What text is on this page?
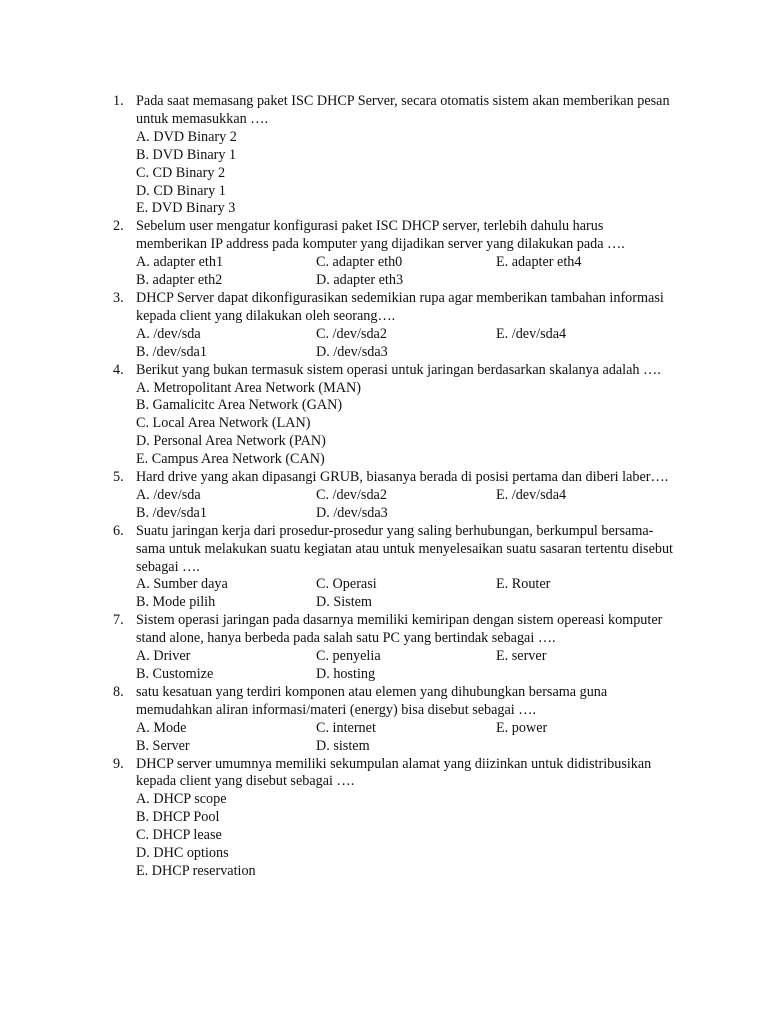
1. Pada saat memasang paket ISC DHCP Server, secara otomatis sistem akan memberikan pesan untuk memasukkan ….

A. DVD Binary 2
B. DVD Binary 1
C. CD Binary 2
D. CD Binary 1
E. DVD Binary 3
2. Sebelum user mengatur konfigurasi paket ISC DHCP server, terlebih dahulu harus memberikan IP address pada komputer yang dijadikan server yang dilakukan pada ….

A. adapter eth1	C. adapter eth0	E. adapter eth4
B. adapter eth2	D. adapter eth3
3. DHCP Server dapat dikonfigurasikan sedemikian rupa agar memberikan tambahan informasi kepada client yang dilakukan oleh seorang….

A. /dev/sda	C. /dev/sda2	E. /dev/sda4
B. /dev/sda1	D. /dev/sda3
4. Berikut yang bukan termasuk sistem operasi untuk jaringan berdasarkan skalanya adalah ….

A. Metropolitant Area Network (MAN)
B. Gamalicitc Area Network (GAN)
C. Local Area Network (LAN)
D. Personal Area Network (PAN)
E. Campus Area Network (CAN)
5. Hard drive yang akan dipasangi GRUB, biasanya berada di posisi pertama dan diberi laber….

A. /dev/sda	C. /dev/sda2	E. /dev/sda4
B. /dev/sda1	D. /dev/sda3
6. Suatu jaringan kerja dari prosedur-prosedur yang saling berhubungan, berkumpul bersama-sama untuk melakukan suatu kegiatan atau untuk menyelesaikan suatu sasaran tertentu disebut sebagai ….

A. Sumber daya	C. Operasi	E. Router
B. Mode pilih	D. Sistem
7. Sistem operasi jaringan pada dasarnya memiliki kemiripan dengan sistem opereasi komputer stand alone, hanya berbeda pada salah satu PC yang bertindak sebagai ….

A. Driver	C. penyelia	E. server
B. Customize	D. hosting
8. satu kesatuan yang terdiri komponen atau elemen yang dihubungkan bersama guna memudahkan aliran informasi/materi (energy) bisa disebut sebagai ….

A. Mode	C. internet	E. power
B. Server	D. sistem
9. DHCP server umumnya memiliki sekumpulan alamat yang diizinkan untuk didistribusikan kepada client yang disebut sebagai ….

A. DHCP scope
B. DHCP Pool
C. DHCP lease
D. DHC options
E. DHCP reservation
